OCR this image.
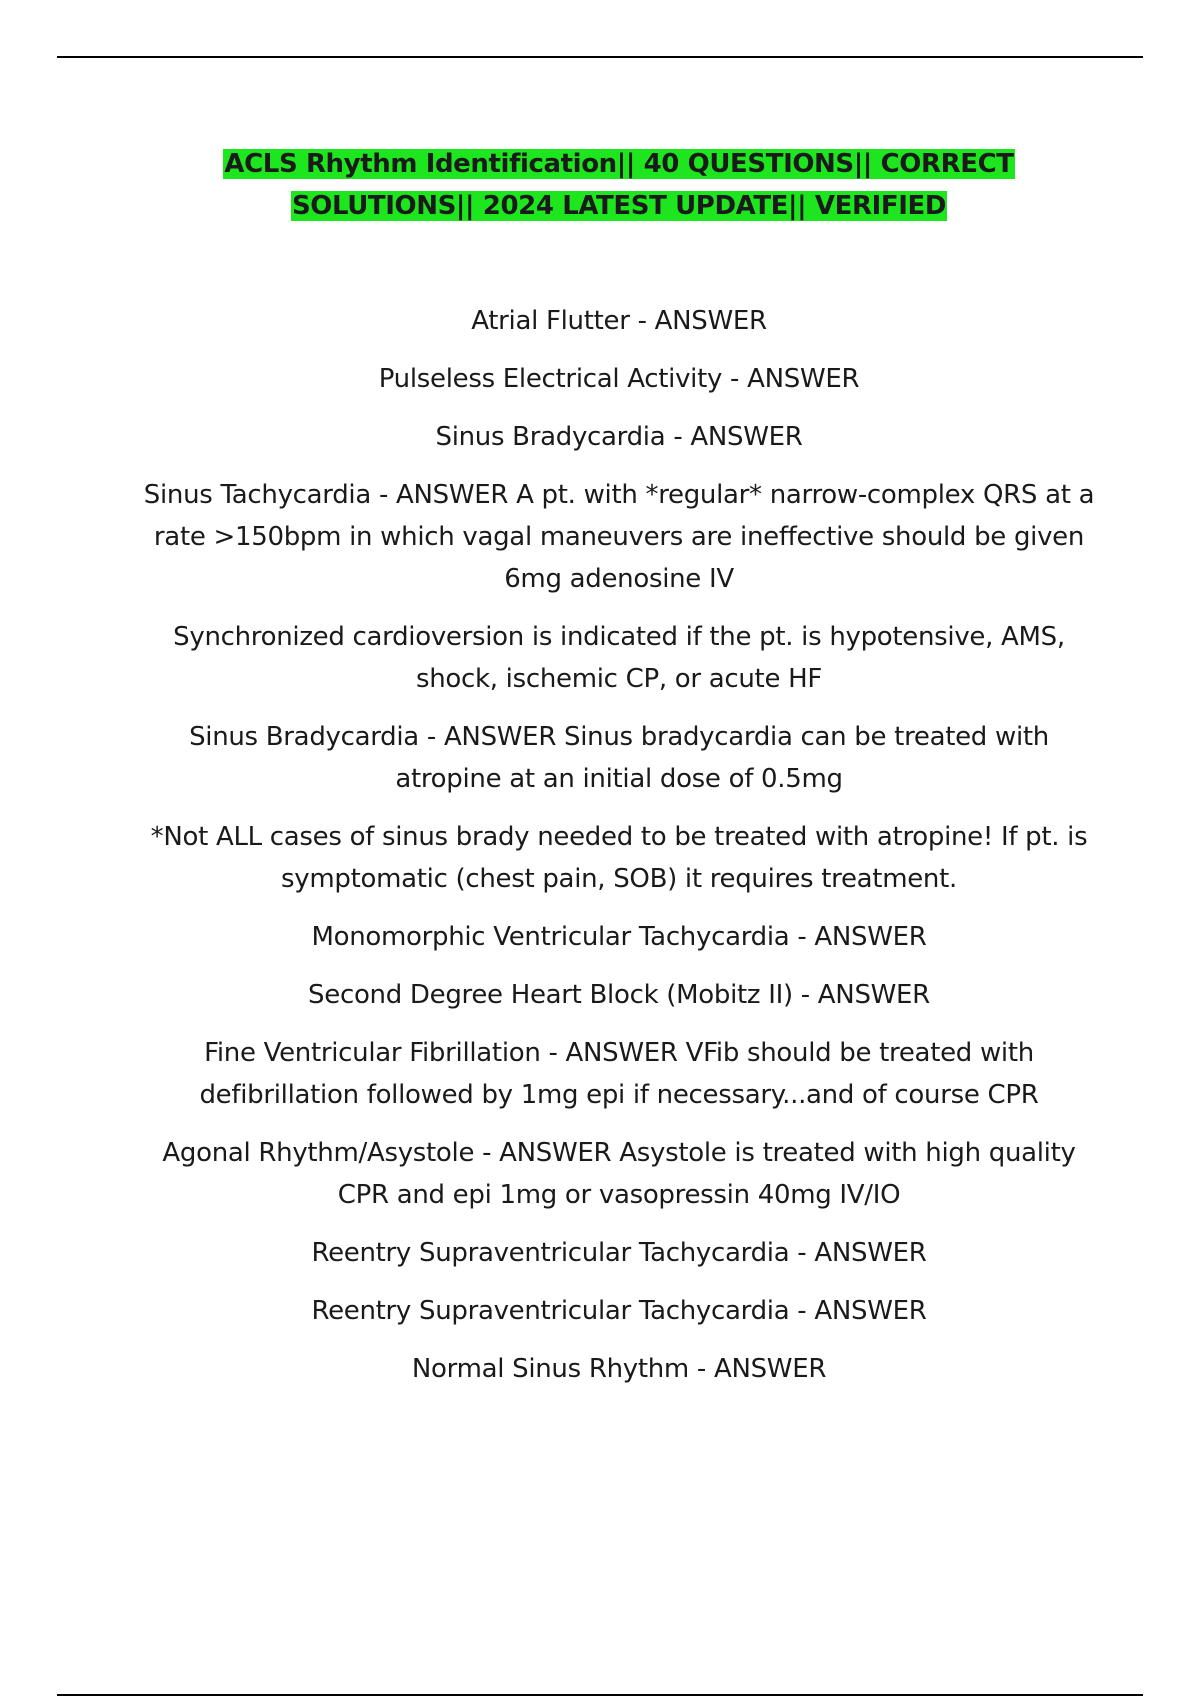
ACLS Rhythm Identification|| 40 QUESTIONS|| CORRECT SOLUTIONS|| 2024 LATEST UPDATE|| VERIFIED

Atrial Flutter - ANSWER

Pulseless Electrical Activity - ANSWER

Sinus Bradycardia - ANSWER

Sinus Tachycardia - ANSWER A pt. with *regular* narrow-complex QRS at a rate >150bpm in which vagal maneuvers are ineffective should be given 6mg adenosine IV

Synchronized cardioversion is indicated if the pt. is hypotensive, AMS, shock, ischemic CP, or acute HF

Sinus Bradycardia - ANSWER Sinus bradycardia can be treated with atropine at an initial dose of 0.5mg

*Not ALL cases of sinus brady needed to be treated with atropine! If pt. is symptomatic (chest pain, SOB) it requires treatment.

Monomorphic Ventricular Tachycardia - ANSWER

Second Degree Heart Block (Mobitz II) - ANSWER

Fine Ventricular Fibrillation - ANSWER VFib should be treated with defibrillation followed by 1mg epi if necessary...and of course CPR

Agonal Rhythm/Asystole - ANSWER Asystole is treated with high quality CPR and epi 1mg or vasopressin 40mg IV/IO

Reentry Supraventricular Tachycardia - ANSWER

Reentry Supraventricular Tachycardia - ANSWER

Normal Sinus Rhythm - ANSWER
